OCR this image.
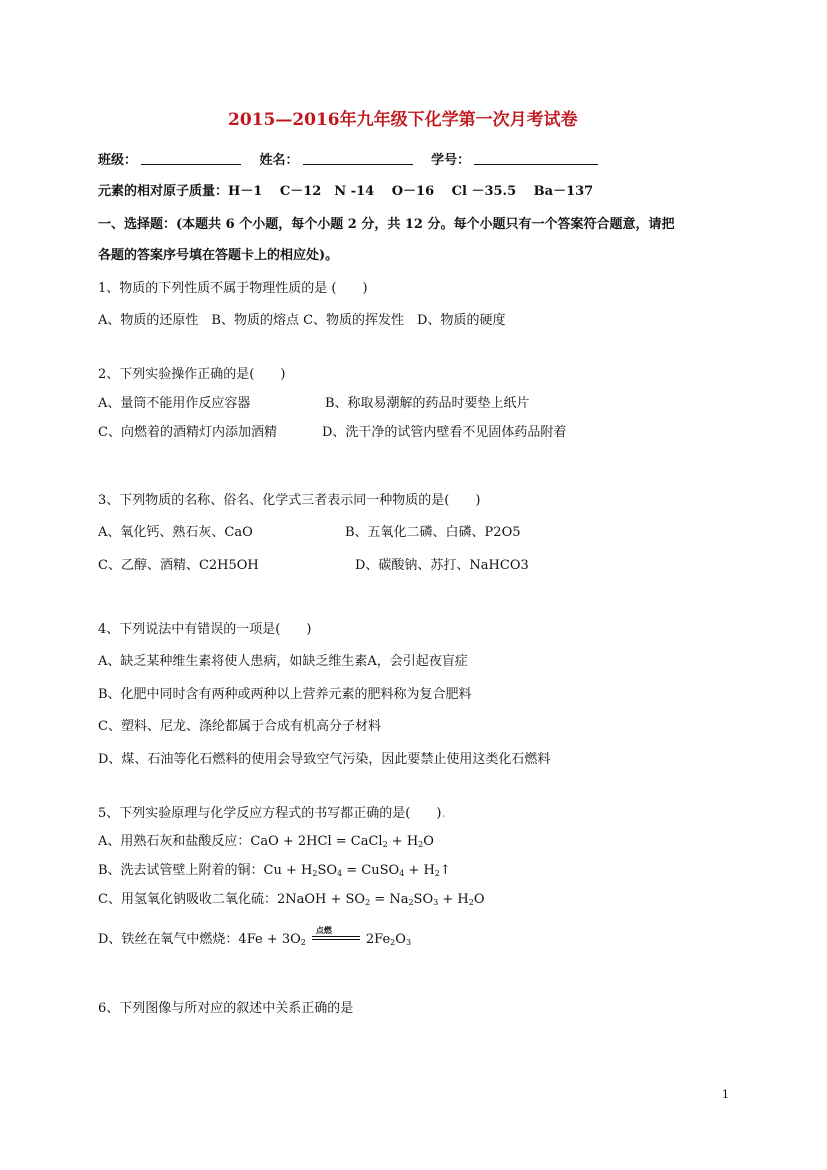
2015—2016年九年级下化学第一次月考试卷
班级：	姓名：	学号：
元素的相对原子质量：H－1　 C－12　N -14　 O－16　 Cl －35.5　 Ba－137
一、选择题：(本题共 6 个小题，每个小题 2 分，共 12 分。每个小题只有一个答案符合题意，请把
各题的答案序号填在答题卡上的相应处)。
1、物质的下列性质不属于物理性质的是 (　　)
A、物质的还原性　B、物质的熔点 C、物质的挥发性　D、物质的硬度
2、下列实验操作正确的是(　　)
A、量筒不能用作反应容器	B、称取易潮解的药品时要垫上纸片
C、向燃着的酒精灯内添加酒精	D、洗干净的试管内壁看不见固体药品附着
3、下列物质的名称、俗名、化学式三者表示同一种物质的是(　　)
A、氧化钙、熟石灰、CaO	B、五氧化二磷、白磷、P2O5
C、乙醇、酒精、C2H5OH	D、碳酸钠、苏打、NaHCO3
4、下列说法中有错误的一项是(　　)
A、缺乏某种维生素将使人患病，如缺乏维生素A，会引起夜盲症
B、化肥中同时含有两种或两种以上营养元素的肥料称为复合肥料
C、塑料、尼龙、涤纶都属于合成有机高分子材料
D、煤、石油等化石燃料的使用会导致空气污染，因此要禁止使用这类化石燃料
5、下列实验原理与化学反应方程式的书写都正确的是(　　).
A、用熟石灰和盐酸反应：CaO + 2HCl = CaCl$_2$ + $H_2O$
B、洗去试管壁上附着的铜：$Cu + H_2SO_4$ = CuSO$_4$ + $H_2↑$
C、用氢氧化钠吸收二氧化硫：2NaOH + $SO_2 = Na_2SO_3 + H_2O$
D、铁丝在氧气中燃烧：$4Fe + 3O_2$
点燃
$2Fe_2O_3$
6、下列图像与所对应的叙述中关系正确的是
1
